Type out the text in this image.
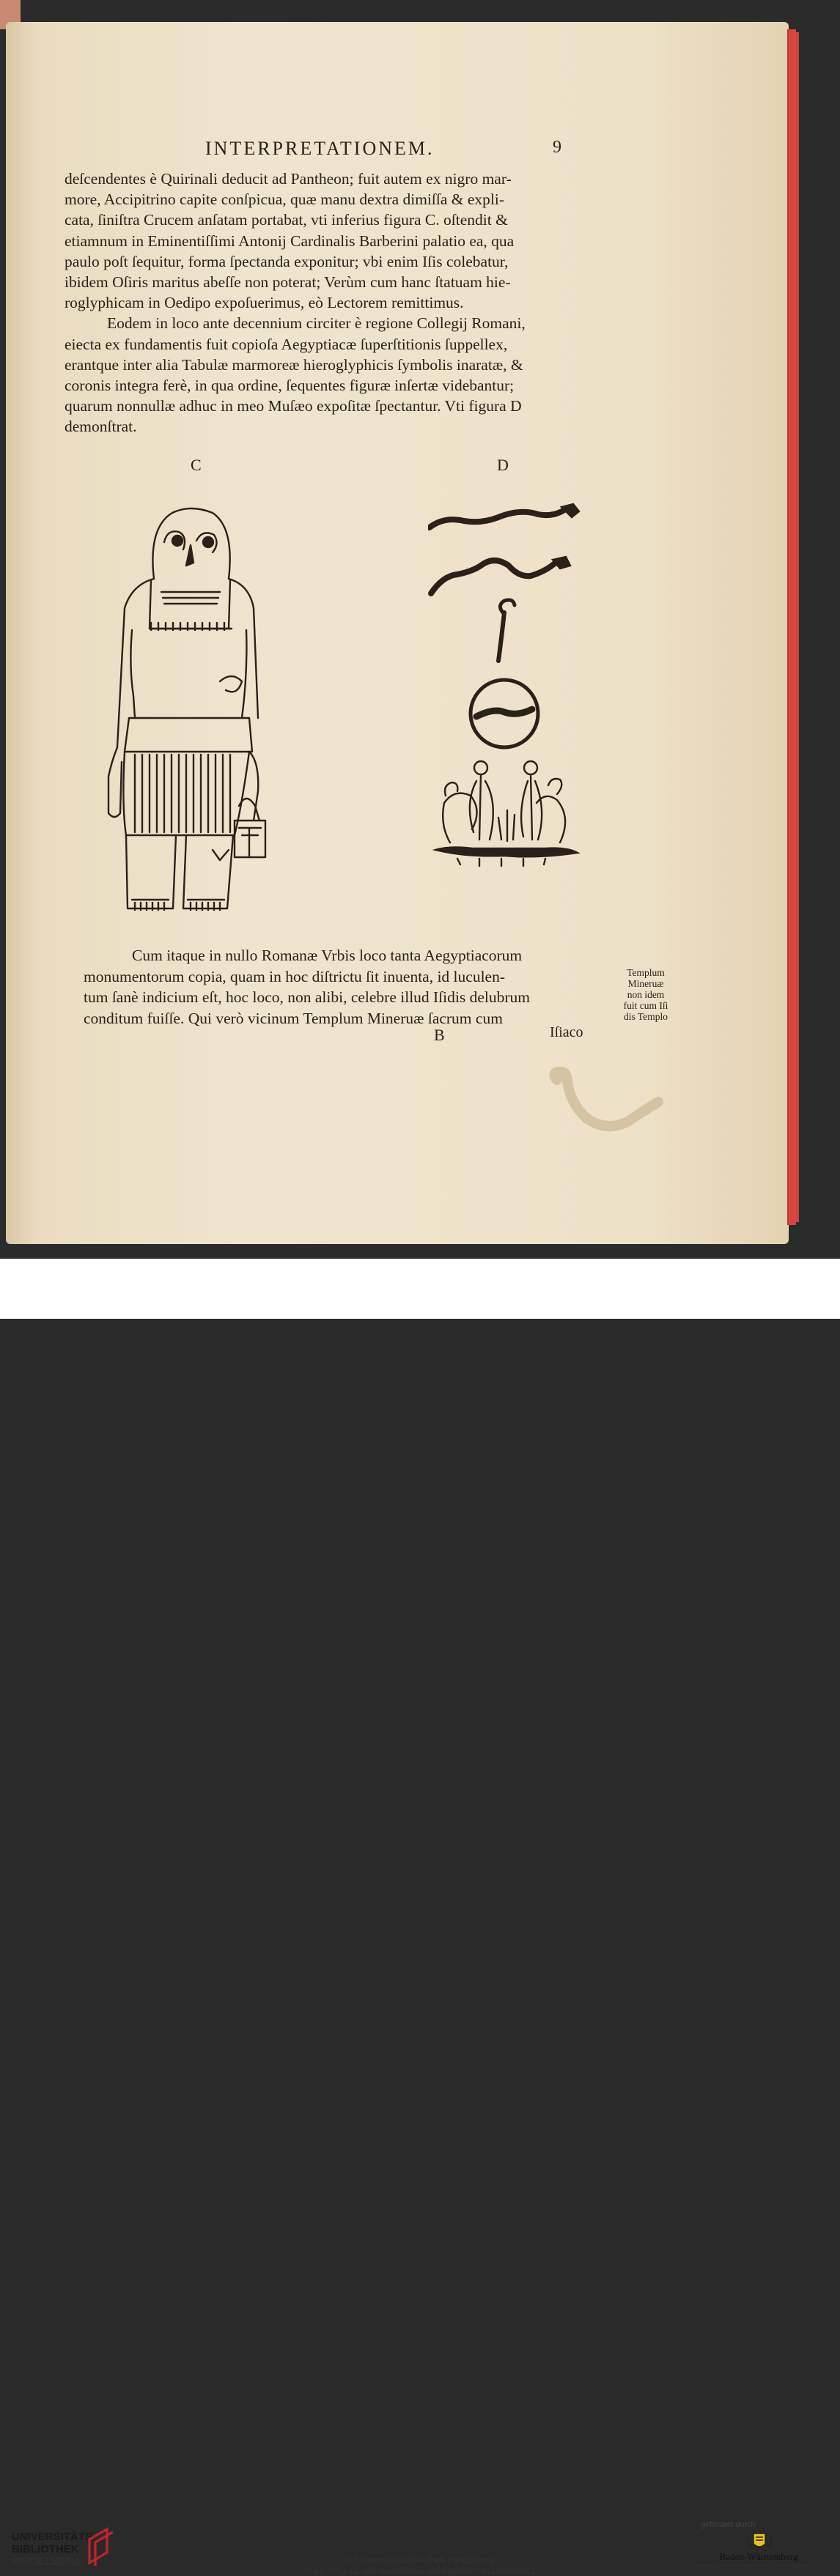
INTERPRETATIONEM.	9

deſcendentes è Quirinali deducit ad Pantheon; fuit autem ex nigro mar-

more, Accipitrino capite conſpicua, quæ manu dextra dimiſſa & expli-

cata, ſiniſtra Crucem anſatam portabat, vti inferius figura C. oſtendit &

etiamnum in Eminentiſſimi Antonij Cardinalis Barberini palatio ea, qua

paulo poſt ſequitur, forma ſpectanda exponitur; vbi enim Iſis colebatur,

ibidem Oſiris maritus abeſſe non poterat; Verùm cum hanc ſtatuam hie-

roglyphicam in Oedipo expoſuerimus, eò Lectorem remittimus.

Eodem in loco ante decennium circiter è regione Collegij Romani,

eiecta ex fundamentis fuit copioſa Aegyptiacæ ſuperſtitionis ſuppellex,

erantque inter alia Tabulæ marmoreæ hieroglyphicis ſymbolis inaratæ, &

coronis integra ferè, in qua ordine, ſequentes figuræ inſertæ videbantur;

quarum nonnullæ adhuc in meo Muſæo expoſitæ ſpectantur. Vti figura D

demonſtrat.

C	D

Cum itaque in nullo Romanæ Vrbis loco tanta Aegyptiacorum

monumentorum copia, quam in hoc diſtrictu ſit inuenta, id luculen-

tum ſanè indicium eſt, hoc loco, non alibi, celebre illud Iſidis delubrum

conditum fuiſſe. Qui verò vicinum Templum Mineruæ ſacrum cum

Templum
Mineruæ
non idem
fuit cum Iſi
dis Templo
B	Iſiaco
UNIVERSITÄTS-
BIBLIOTHEK
HEIDELBERG	© Universitätsbibliothek Heidelberg
https://digi.ub.uni-heidelberg.de/diglit/kircher1666/0041
gefördert durch
Baden-Württemberg
MINISTERIUM FÜR WISSENSCHAFT, FORSCHUNG UND KUNST
